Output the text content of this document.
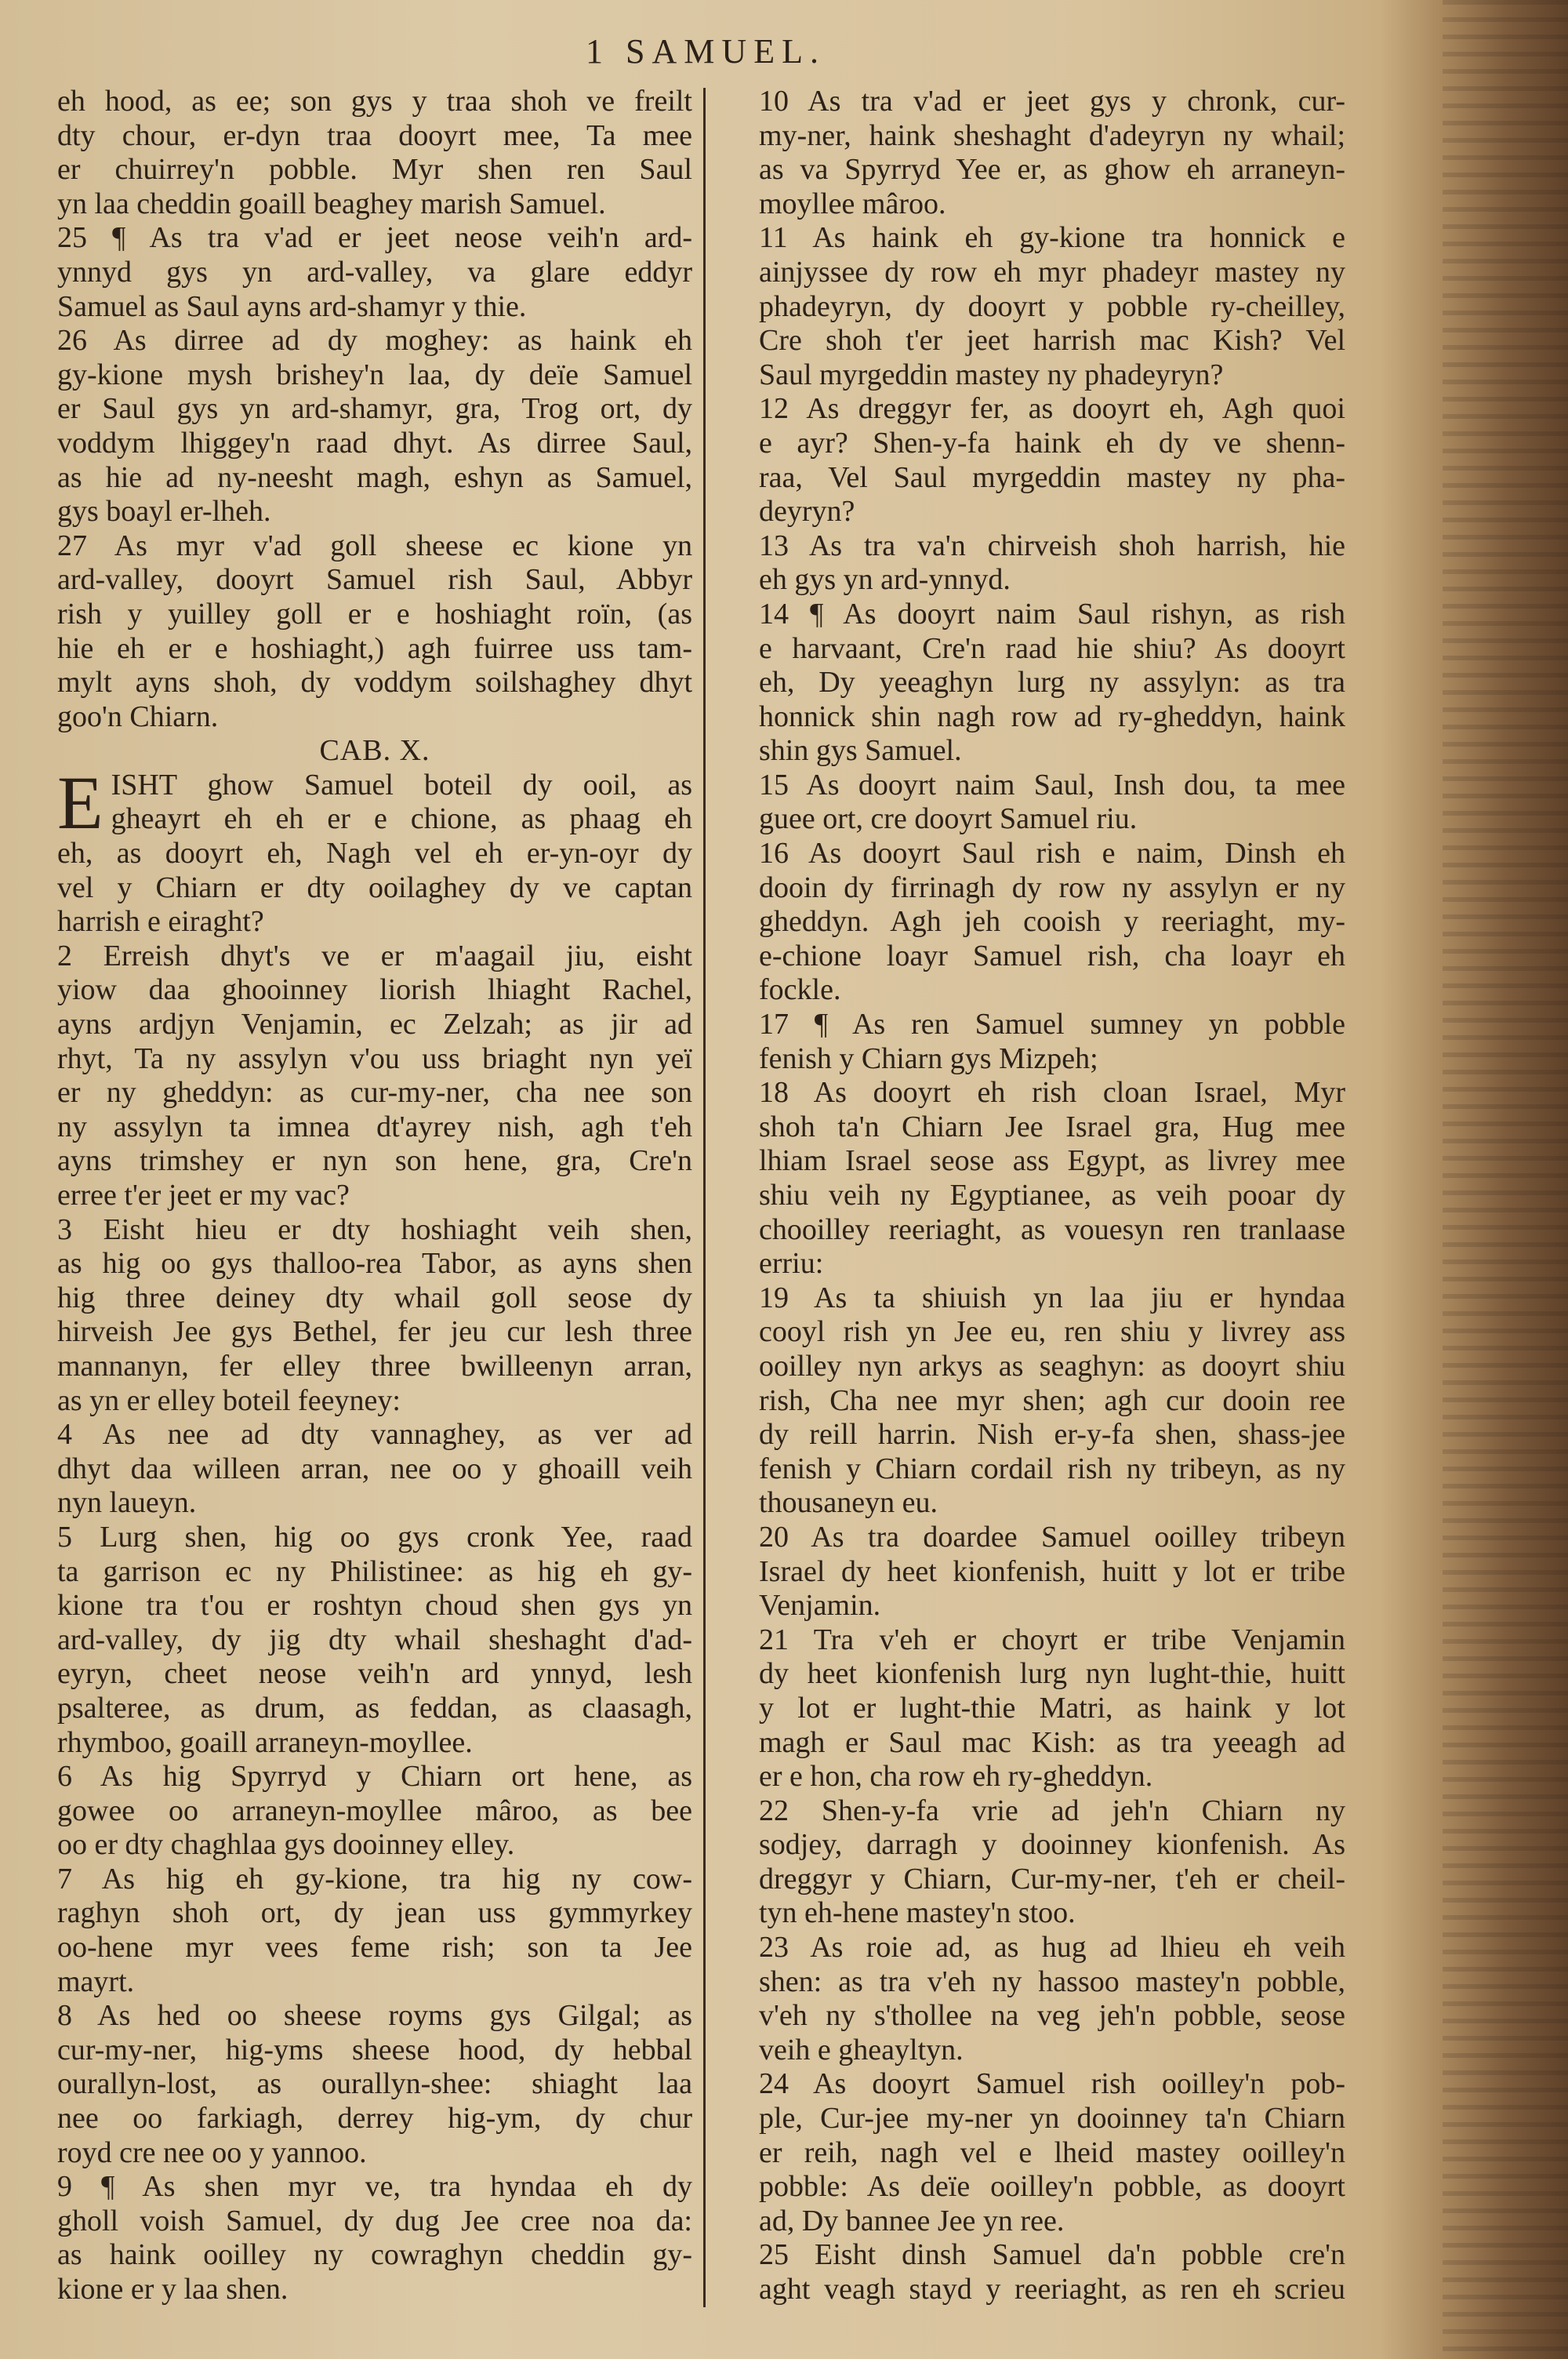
1 SAMUEL.
eh hood, as ee; son gys y traa shoh ve freilt
dty chour, er-dyn traa dooyrt mee, Ta mee
er chuirrey'n pobble. Myr shen ren Saul
yn laa cheddin goaill beaghey marish Samuel.
25 ¶ As tra v'ad er jeet neose veih'n ard-
ynnyd gys yn ard-valley, va glare eddyr
Samuel as Saul ayns ard-shamyr y thie.
26 As dirree ad dy moghey: as haink eh
gy-kione mysh brishey'n laa, dy deïe Samuel
er Saul gys yn ard-shamyr, gra, Trog ort, dy
voddym lhiggey'n raad dhyt. As dirree Saul,
as hie ad ny-neesht magh, eshyn as Samuel,
gys boayl er-lheh.
27 As myr v'ad goll sheese ec kione yn
ard-valley, dooyrt Samuel rish Saul, Abbyr
rish y yuilley goll er e hoshiaght roïn, (as
hie eh er e hoshiaght,) agh fuirree uss tam-
mylt ayns shoh, dy voddym soilshaghey dhyt
goo'n Chiarn.
CAB. X.
E ISHT ghow Samuel boteil dy ooil, as
gheayrt eh eh er e chione, as phaag eh
eh, as dooyrt eh, Nagh vel eh er-yn-oyr dy
vel y Chiarn er dty ooilaghey dy ve captan
harrish e eiraght?
2 Erreish dhyt's ve er m'aagail jiu, eisht
yiow daa ghooinney liorish lhiaght Rachel,
ayns ardjyn Venjamin, ec Zelzah; as jir ad
rhyt, Ta ny assylyn v'ou uss briaght nyn yeï
er ny gheddyn: as cur-my-ner, cha nee son
ny assylyn ta imnea dt'ayrey nish, agh t'eh
ayns trimshey er nyn son hene, gra, Cre'n
erree t'er jeet er my vac?
3 Eisht hieu er dty hoshiaght veih shen,
as hig oo gys thalloo-rea Tabor, as ayns shen
hig three deiney dty whail goll seose dy
hirveish Jee gys Bethel, fer jeu cur lesh three
mannanyn, fer elley three bwilleenyn arran,
as yn er elley boteil feeyney:
4 As nee ad dty vannaghey, as ver ad
dhyt daa willeen arran, nee oo y ghoaill veih
nyn laueyn.
5 Lurg shen, hig oo gys cronk Yee, raad
ta garrison ec ny Philistinee: as hig eh gy-
kione tra t'ou er roshtyn choud shen gys yn
ard-valley, dy jig dty whail sheshaght d'ad-
eyryn, cheet neose veih'n ard ynnyd, lesh
psalteree, as drum, as feddan, as claasagh,
rhymboo, goaill arraneyn-moyllee.
6 As hig Spyrryd y Chiarn ort hene, as
gowee oo arraneyn-moyllee mâroo, as bee
oo er dty chaghlaa gys dooinney elley.
7 As hig eh gy-kione, tra hig ny cow-
raghyn shoh ort, dy jean uss gymmyrkey
oo-hene myr vees feme rish; son ta Jee
mayrt.
8 As hed oo sheese royms gys Gilgal; as
cur-my-ner, hig-yms sheese hood, dy hebbal
ourallyn-lost, as ourallyn-shee: shiaght laa
nee oo farkiagh, derrey hig-ym, dy chur
royd cre nee oo y yannoo.
9 ¶ As shen myr ve, tra hyndaa eh dy
gholl voish Samuel, dy dug Jee cree noa da:
as haink ooilley ny cowraghyn cheddin gy-
kione er y laa shen.
10 As tra v'ad er jeet gys y chronk, cur-
my-ner, haink sheshaght d'adeyryn ny whail;
as va Spyrryd Yee er, as ghow eh arraneyn-
moyllee mâroo.
11 As haink eh gy-kione tra honnick e
ainjyssee dy row eh myr phadeyr mastey ny
phadeyryn, dy dooyrt y pobble ry-cheilley,
Cre shoh t'er jeet harrish mac Kish? Vel
Saul myrgeddin mastey ny phadeyryn?
12 As dreggyr fer, as dooyrt eh, Agh quoi
e ayr? Shen-y-fa haink eh dy ve shenn-
raa, Vel Saul myrgeddin mastey ny pha-
deyryn?
13 As tra va'n chirveish shoh harrish, hie
eh gys yn ard-ynnyd.
14 ¶ As dooyrt naim Saul rishyn, as rish
e harvaant, Cre'n raad hie shiu? As dooyrt
eh, Dy yeeaghyn lurg ny assylyn: as tra
honnick shin nagh row ad ry-gheddyn, haink
shin gys Samuel.
15 As dooyrt naim Saul, Insh dou, ta mee
guee ort, cre dooyrt Samuel riu.
16 As dooyrt Saul rish e naim, Dinsh eh
dooin dy firrinagh dy row ny assylyn er ny
gheddyn. Agh jeh cooish y reeriaght, my-
e-chione loayr Samuel rish, cha loayr eh
fockle.
17 ¶ As ren Samuel sumney yn pobble
fenish y Chiarn gys Mizpeh;
18 As dooyrt eh rish cloan Israel, Myr
shoh ta'n Chiarn Jee Israel gra, Hug mee
lhiam Israel seose ass Egypt, as livrey mee
shiu veih ny Egyptianee, as veih pooar dy
chooilley reeriaght, as vouesyn ren tranlaase
erriu:
19 As ta shiuish yn laa jiu er hyndaa
cooyl rish yn Jee eu, ren shiu y livrey ass
ooilley nyn arkys as seaghyn: as dooyrt shiu
rish, Cha nee myr shen; agh cur dooin ree
dy reill harrin. Nish er-y-fa shen, shass-jee
fenish y Chiarn cordail rish ny tribeyn, as ny
thousaneyn eu.
20 As tra doardee Samuel ooilley tribeyn
Israel dy heet kionfenish, huitt y lot er tribe
Venjamin.
21 Tra v'eh er choyrt er tribe Venjamin
dy heet kionfenish lurg nyn lught-thie, huitt
y lot er lught-thie Matri, as haink y lot
magh er Saul mac Kish: as tra yeeagh ad
er e hon, cha row eh ry-gheddyn.
22 Shen-y-fa vrie ad jeh'n Chiarn ny
sodjey, darragh y dooinney kionfenish. As
dreggyr y Chiarn, Cur-my-ner, t'eh er cheil-
tyn eh-hene mastey'n stoo.
23 As roie ad, as hug ad lhieu eh veih
shen: as tra v'eh ny hassoo mastey'n pobble,
v'eh ny s'thollee na veg jeh'n pobble, seose
veih e gheayltyn.
24 As dooyrt Samuel rish ooilley'n pob-
ple, Cur-jee my-ner yn dooinney ta'n Chiarn
er reih, nagh vel e lheid mastey ooilley'n
pobble: As deïe ooilley'n pobble, as dooyrt
ad, Dy bannee Jee yn ree.
25 Eisht dinsh Samuel da'n pobble cre'n
aght veagh stayd y reeriaght, as ren eh scrieu
